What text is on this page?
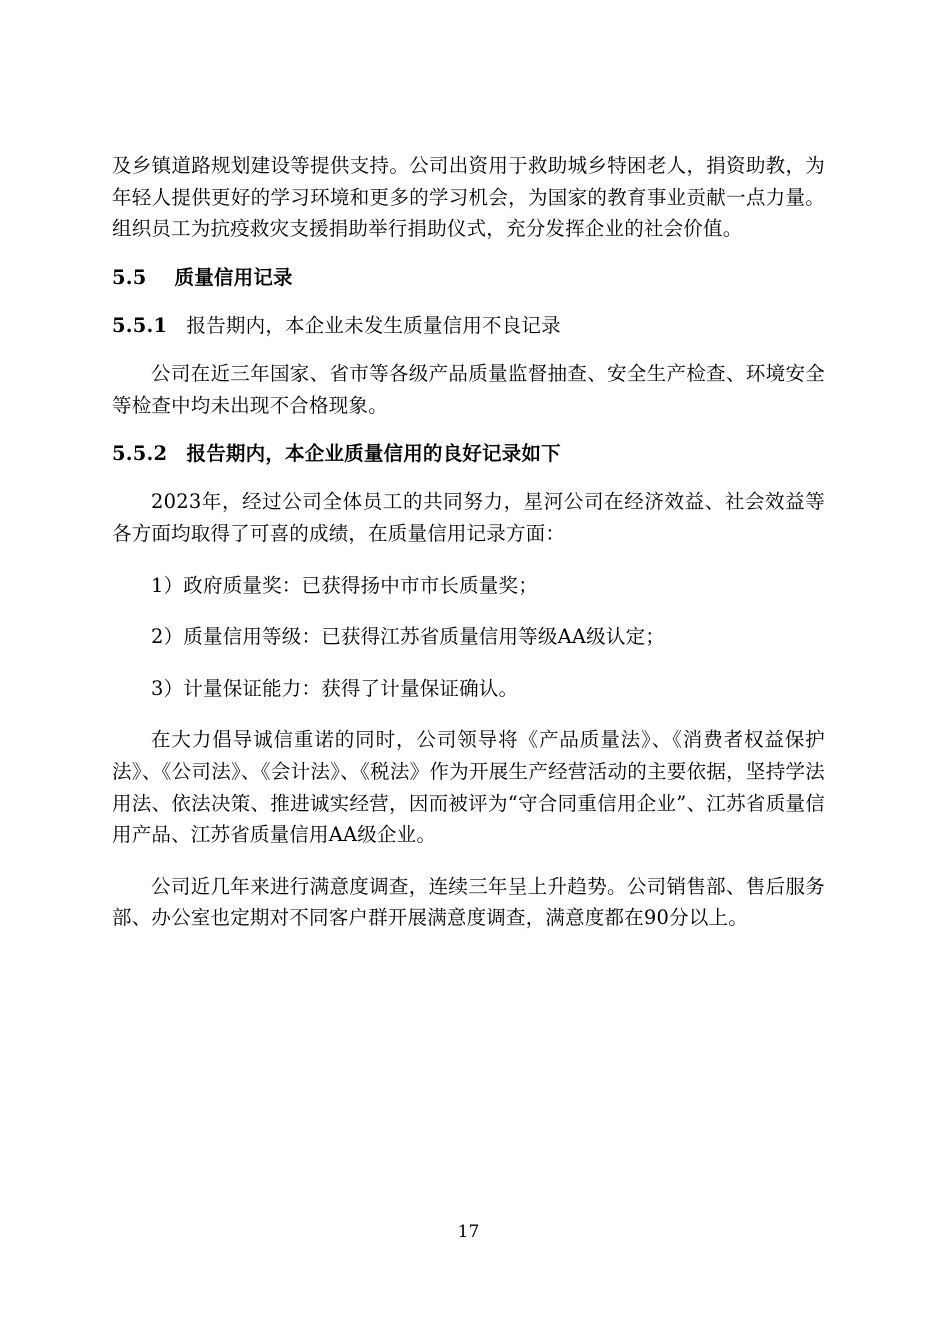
及乡镇道路规划建设等提供支持。公司出资用于救助城乡特困老人，捐资助教，为年轻人提供更好的学习环境和更多的学习机会，为国家的教育事业贡献一点力量。组织员工为抗疫救灾支援捐助举行捐助仪式，充分发挥企业的社会价值。

5.5 质量信用记录

5.5.1 报告期内，本企业未发生质量信用不良记录

公司在近三年国家、省市等各级产品质量监督抽查、安全生产检查、环境安全等检查中均未出现不合格现象。

5.5.2 报告期内，本企业质量信用的良好记录如下

2023年，经过公司全体员工的共同努力，星河公司在经济效益、社会效益等各方面均取得了可喜的成绩，在质量信用记录方面：

1）政府质量奖：已获得扬中市市长质量奖；

2）质量信用等级：已获得江苏省质量信用等级AA级认定；

3）计量保证能力：获得了计量保证确认。

在大力倡导诚信重诺的同时，公司领导将《产品质量法》、《消费者权益保护法》、《公司法》、《会计法》、《税法》作为开展生产经营活动的主要依据，坚持学法用法、依法决策、推进诚实经营，因而被评为“守合同重信用企业”、江苏省质量信用产品、江苏省质量信用AA级企业。

公司近几年来进行满意度调查，连续三年呈上升趋势。公司销售部、售后服务部、办公室也定期对不同客户群开展满意度调查，满意度都在90分以上。

17
